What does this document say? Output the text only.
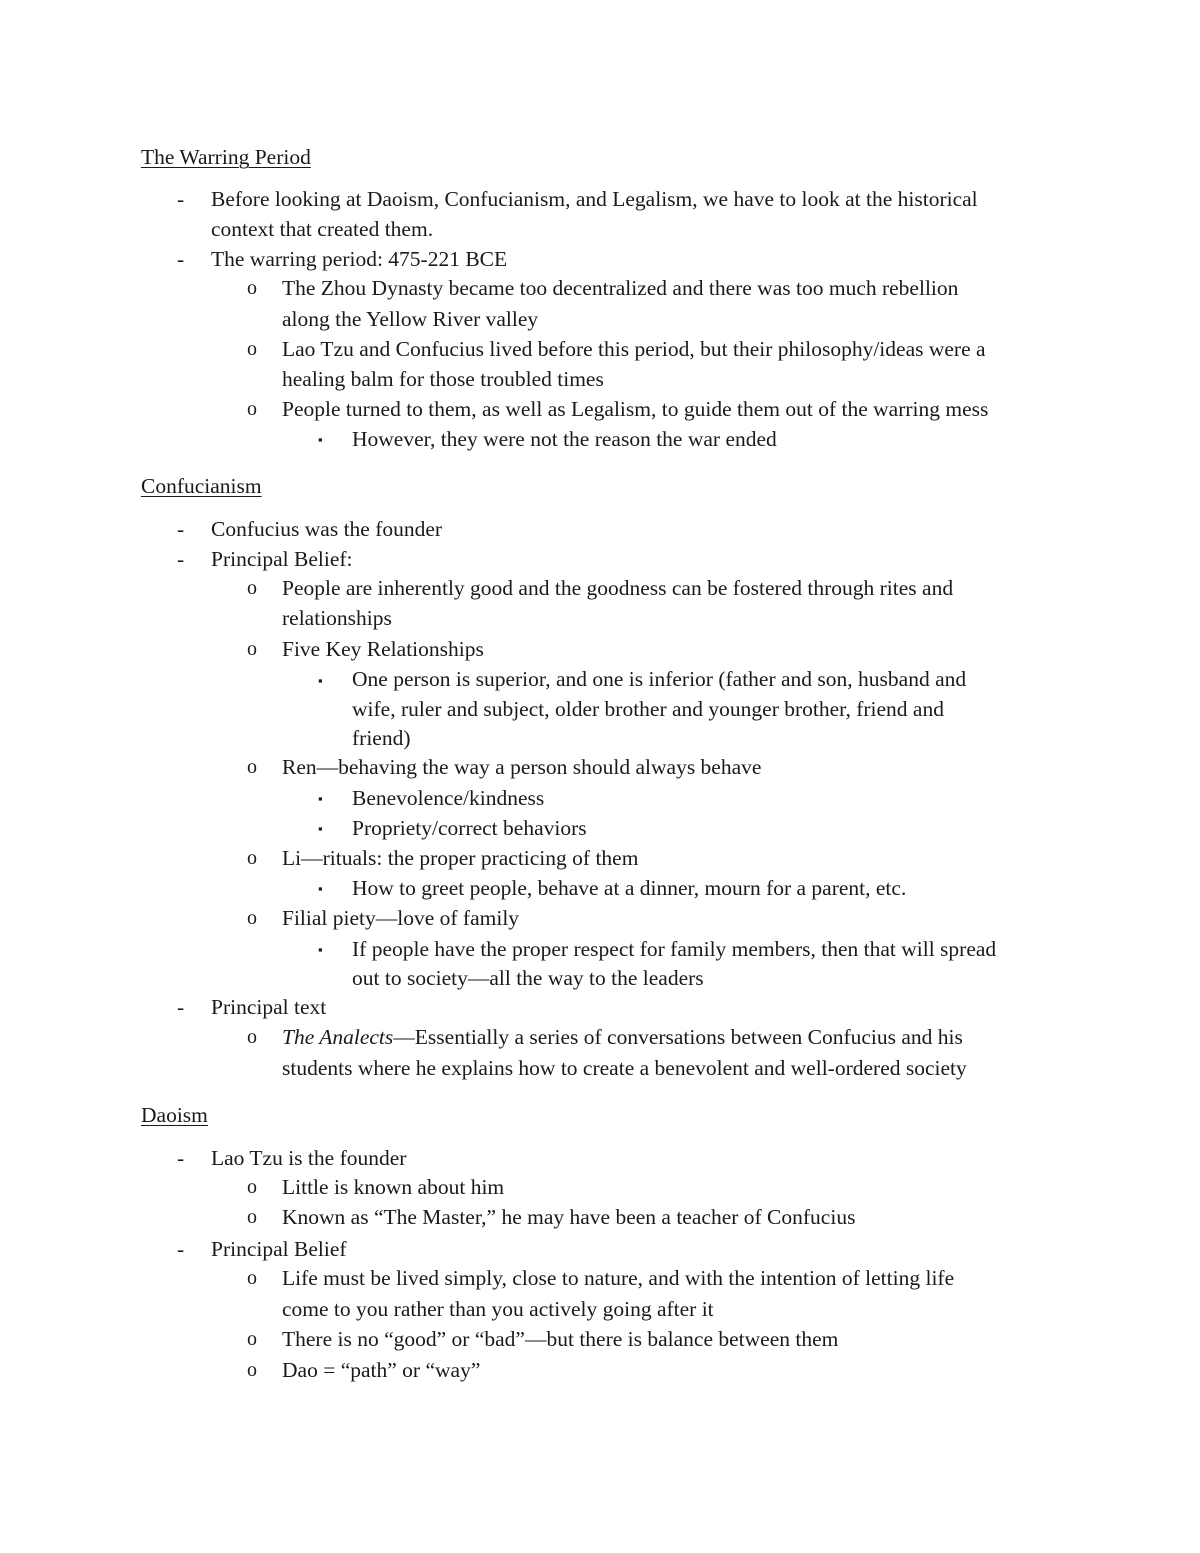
The Warring Period
- Before looking at Daoism, Confucianism, and Legalism, we have to look at the historical
context that created them.
- The warring period: 475-221 BCE
o The Zhou Dynasty became too decentralized and there was too much rebellion
along the Yellow River valley
o Lao Tzu and Confucius lived before this period, but their philosophy/ideas were a
healing balm for those troubled times
o People turned to them, as well as Legalism, to guide them out of the warring mess
▪ However, they were not the reason the war ended
Confucianism
- Confucius was the founder
- Principal Belief:
o People are inherently good and the goodness can be fostered through rites and
relationships
o Five Key Relationships
▪ One person is superior, and one is inferior (father and son, husband and
wife, ruler and subject, older brother and younger brother, friend and
friend)
o Ren—behaving the way a person should always behave
▪ Benevolence/kindness
▪ Propriety/correct behaviors
o Li—rituals: the proper practicing of them
▪ How to greet people, behave at a dinner, mourn for a parent, etc.
o Filial piety—love of family
▪ If people have the proper respect for family members, then that will spread
out to society—all the way to the leaders
- Principal text
o The Analects—Essentially a series of conversations between Confucius and his
students where he explains how to create a benevolent and well-ordered society
Daoism
- Lao Tzu is the founder
o Little is known about him
o Known as “The Master,” he may have been a teacher of Confucius
- Principal Belief
o Life must be lived simply, close to nature, and with the intention of letting life
come to you rather than you actively going after it
o There is no “good” or “bad”—but there is balance between them
o Dao = “path” or “way”
